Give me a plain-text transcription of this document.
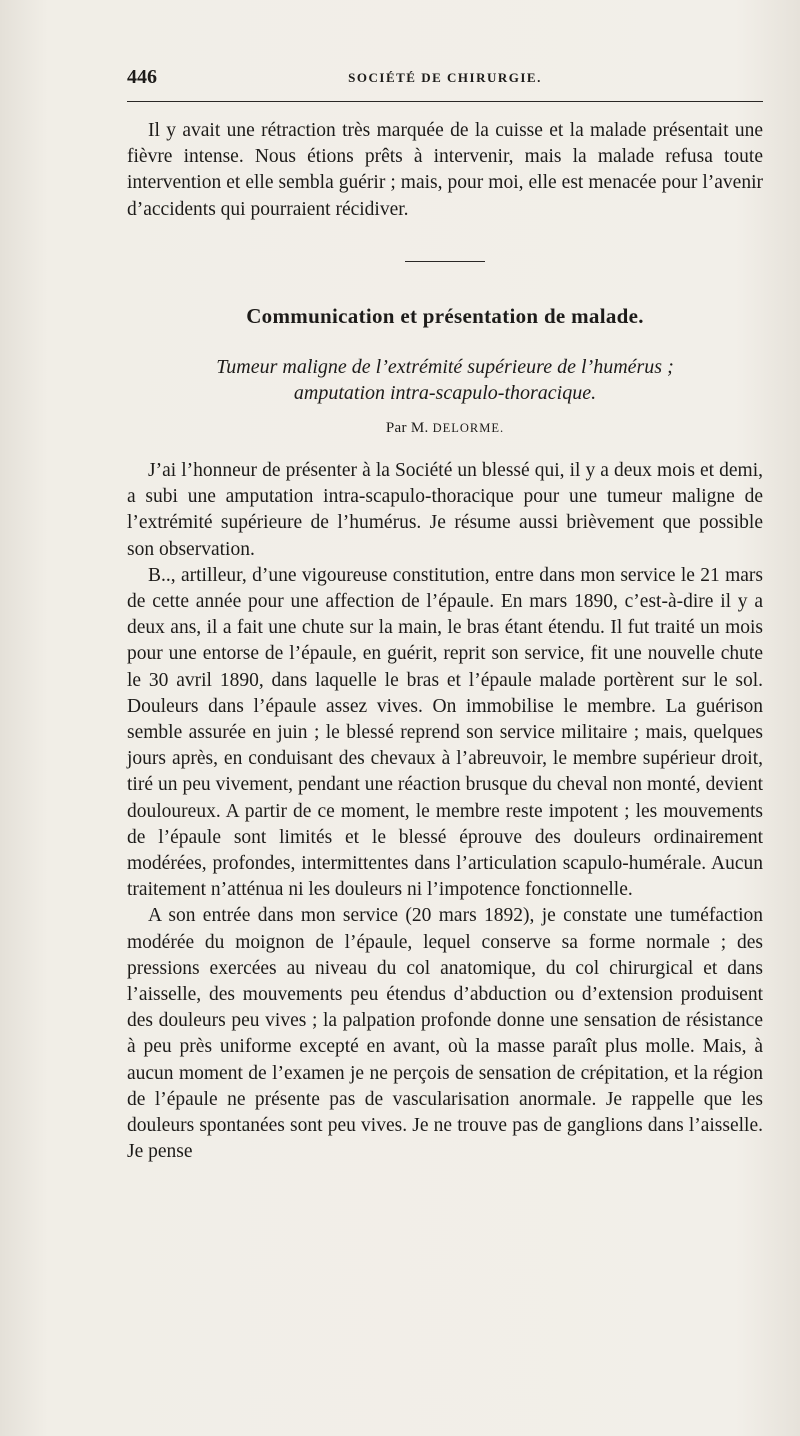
446	SOCIÉTÉ DE CHIRURGIE.

Il y avait une rétraction très marquée de la cuisse et la malade présentait une fièvre intense. Nous étions prêts à intervenir, mais la malade refusa toute intervention et elle sembla guérir ; mais, pour moi, elle est menacée pour l’avenir d’accidents qui pourraient récidiver.

Communication et présentation de malade.
Tumeur maligne de l’extrémité supérieure de l’humérus ;
amputation intra-scapulo-thoracique.
Par M. DELORME.

J’ai l’honneur de présenter à la Société un blessé qui, il y a deux mois et demi, a subi une amputation intra-scapulo-thoracique pour une tumeur maligne de l’extrémité supérieure de l’humérus. Je résume aussi brièvement que possible son observation.

B.., artilleur, d’une vigoureuse constitution, entre dans mon service le 21 mars de cette année pour une affection de l’épaule. En mars 1890, c’est-à-dire il y a deux ans, il a fait une chute sur la main, le bras étant étendu. Il fut traité un mois pour une entorse de l’épaule, en guérit, reprit son service, fit une nouvelle chute le 30 avril 1890, dans laquelle le bras et l’épaule malade portèrent sur le sol. Douleurs dans l’épaule assez vives. On immobilise le membre. La guérison semble assurée en juin ; le blessé reprend son service militaire ; mais, quelques jours après, en conduisant des chevaux à l’abreuvoir, le membre supérieur droit, tiré un peu vivement, pendant une réaction brusque du cheval non monté, devient douloureux. A partir de ce moment, le membre reste impotent ; les mouvements de l’épaule sont limités et le blessé éprouve des douleurs ordinairement modérées, profondes, intermittentes dans l’articulation scapulo-humérale. Aucun traitement n’atténua ni les douleurs ni l’impotence fonctionnelle.

A son entrée dans mon service (20 mars 1892), je constate une tuméfaction modérée du moignon de l’épaule, lequel conserve sa forme normale ; des pressions exercées au niveau du col anatomique, du col chirurgical et dans l’aisselle, des mouvements peu étendus d’abduction ou d’extension produisent des douleurs peu vives ; la palpation profonde donne une sensation de résistance à peu près uniforme excepté en avant, où la masse paraît plus molle. Mais, à aucun moment de l’examen je ne perçois de sensation de crépitation, et la région de l’épaule ne présente pas de vascularisation anormale. Je rappelle que les douleurs spontanées sont peu vives. Je ne trouve pas de ganglions dans l’aisselle. Je pense
